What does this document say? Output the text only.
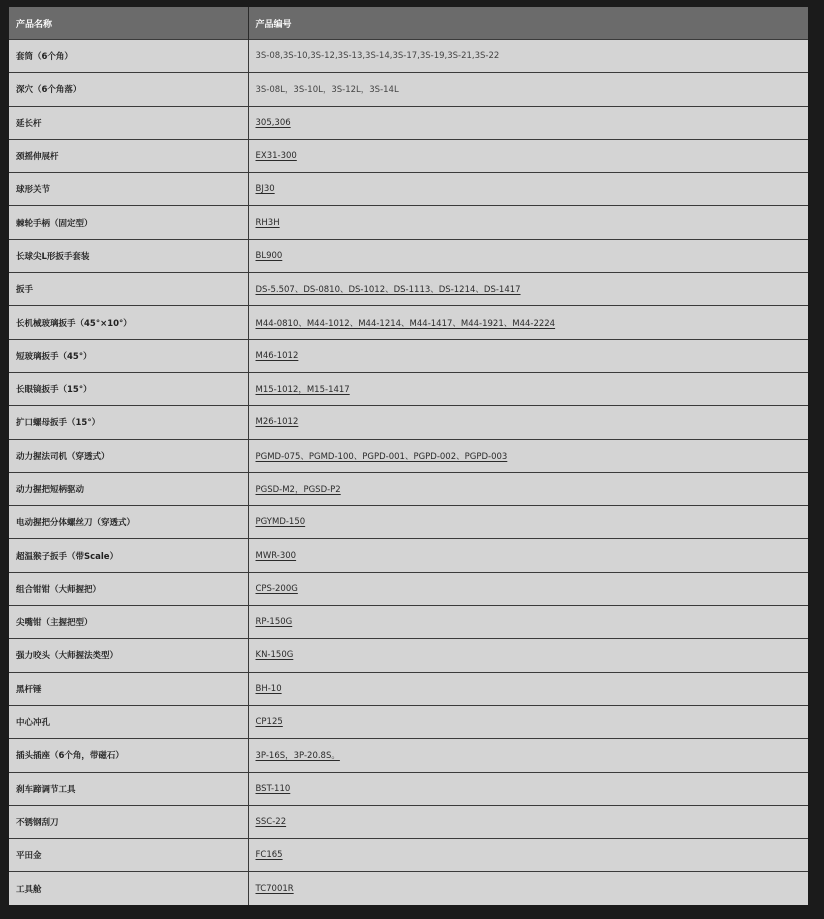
产品名称	产品编号
套筒（6个角）	3S-08,3S-10,3S-12,3S-13,3S-14,3S-17,3S-19,3S-21,3S-22
深穴（6个角落）	3S-08L，3S-10L，3S-12L，3S-14L
延长杆	305,306
颈摇伸展杆	EX31-300
球形关节	BJ30
棘轮手柄（固定型）	RH3H
长球尖L形扳手套装	BL900
扳手	DS-5.507、DS-0810、DS-1012、DS-1113、DS-1214、DS-1417
长机械玻璃扳手（45°×10°）	M44-0810、M44-1012、M44-1214、M44-1417、M44-1921、M44-2224
短玻璃扳手（45°）	M46-1012
长眼镜扳手（15°）	M15-1012，M15-1417
扩口螺母扳手（15°）	M26-1012
动力握法司机（穿透式）	PGMD-075、PGMD-100、PGPD-001、PGPD-002、PGPD-003
动力握把短柄驱动	PGSD-M2，PGSD-P2
电动握把分体螺丝刀（穿透式）	PGYMD-150
超温猴子扳手（带Scale）	MWR-300
组合钳钳（大师握把）	CPS-200G
尖嘴钳（主握把型）	RP-150G
强力咬头（大师握法类型）	KN-150G
黑杆锤	BH-10
中心冲孔	CP125
插头插座（6个角，带磁石）	3P-16S，3P-20.8S。
刹车蹄调节工具	BST-110
不锈钢刮刀	SSC-22
平田金	FC165
工具舱	TC7001R
